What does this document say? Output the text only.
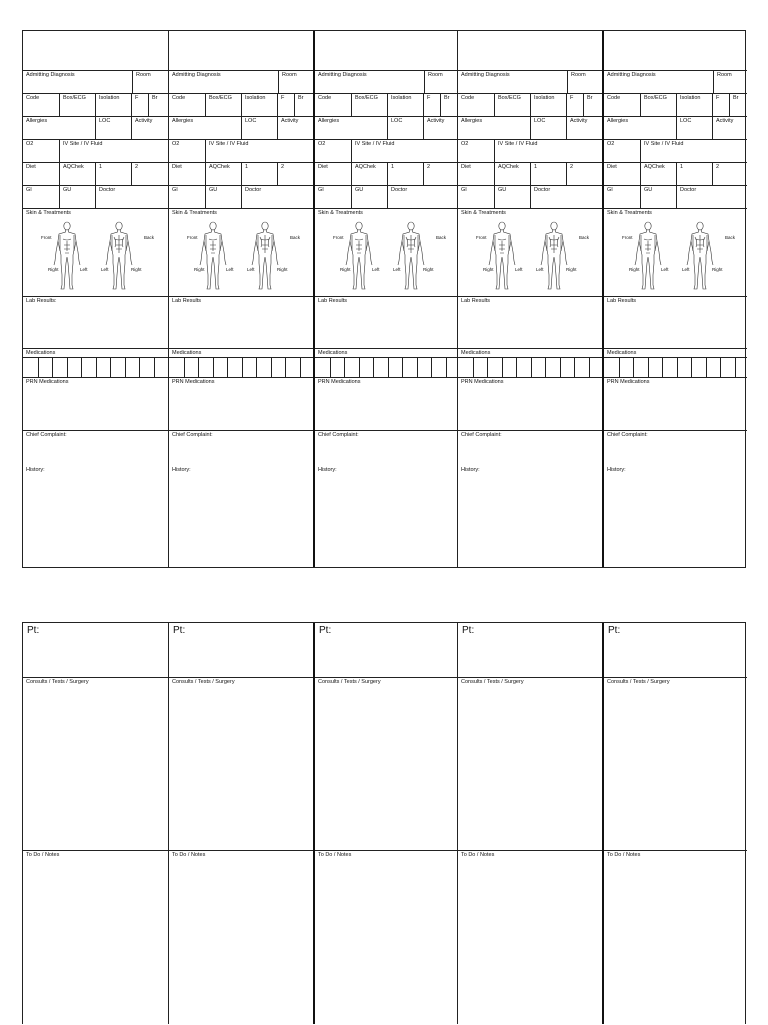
Admitting Diagnosis	Room
Code	Box/ECG	Isolation	F	Br
Allergies	LOC	Activity
O2	IV Site / IV Fluid
Diet	AQChek	1	2
GI	GU	Doctor
Skin & Treatments
Front	Back
Right	Left	Left	Right
Lab Results:
Medications
PRN Medications
Chief Complaint:
History:
Admitting Diagnosis	Room
Code	Box/ECG	Isolation	F	Br
Allergies	LOC	Activity
O2	IV Site / IV Fluid
Diet	AQChek	1	2
GI	GU	Doctor
Skin & Treatments
Front	Back
Right	Left	Left	Right
Lab Results
Medications
PRN Medications
Chief Complaint:
History:
Admitting Diagnosis	Room
Code	Box/ECG	Isolation	F	Br
Allergies	LOC	Activity
O2	IV Site / IV Fluid
Diet	AQChek	1	2
GI	GU	Doctor
Skin & Treatments
Front	Back
Right	Left	Left	Right
Lab Results
Medications
PRN Medications
Chief Complaint:
History:
Admitting Diagnosis	Room
Code	Box/ECG	Isolation	F	Br
Allergies	LOC	Activity
O2	IV Site / IV Fluid
Diet	AQChek	1	2
GI	GU	Doctor
Skin & Treatments
Front	Back
Right	Left	Left	Right
Lab Results
Medications
PRN Medications
Chief Complaint:
History:
Admitting Diagnosis	Room
Code	Box/ECG	Isolation	F	Br
Allergies	LOC	Activity
O2	IV Site / IV Fluid
Diet	AQChek	1	2
GI	GU	Doctor
Skin & Treatments
Front	Back
Right	Left	Left	Right
Lab Results
Medications
PRN Medications
Chief Complaint:
History:
Pt:
Consults / Tests / Surgery
To Do / Notes
Pt:
Consults / Tests / Surgery
To Do / Notes
Pt:
Consults / Tests / Surgery
To Do / Notes
Pt:
Consults / Tests / Surgery
To Do / Notes
Pt:
Consults / Tests / Surgery
To Do / Notes
